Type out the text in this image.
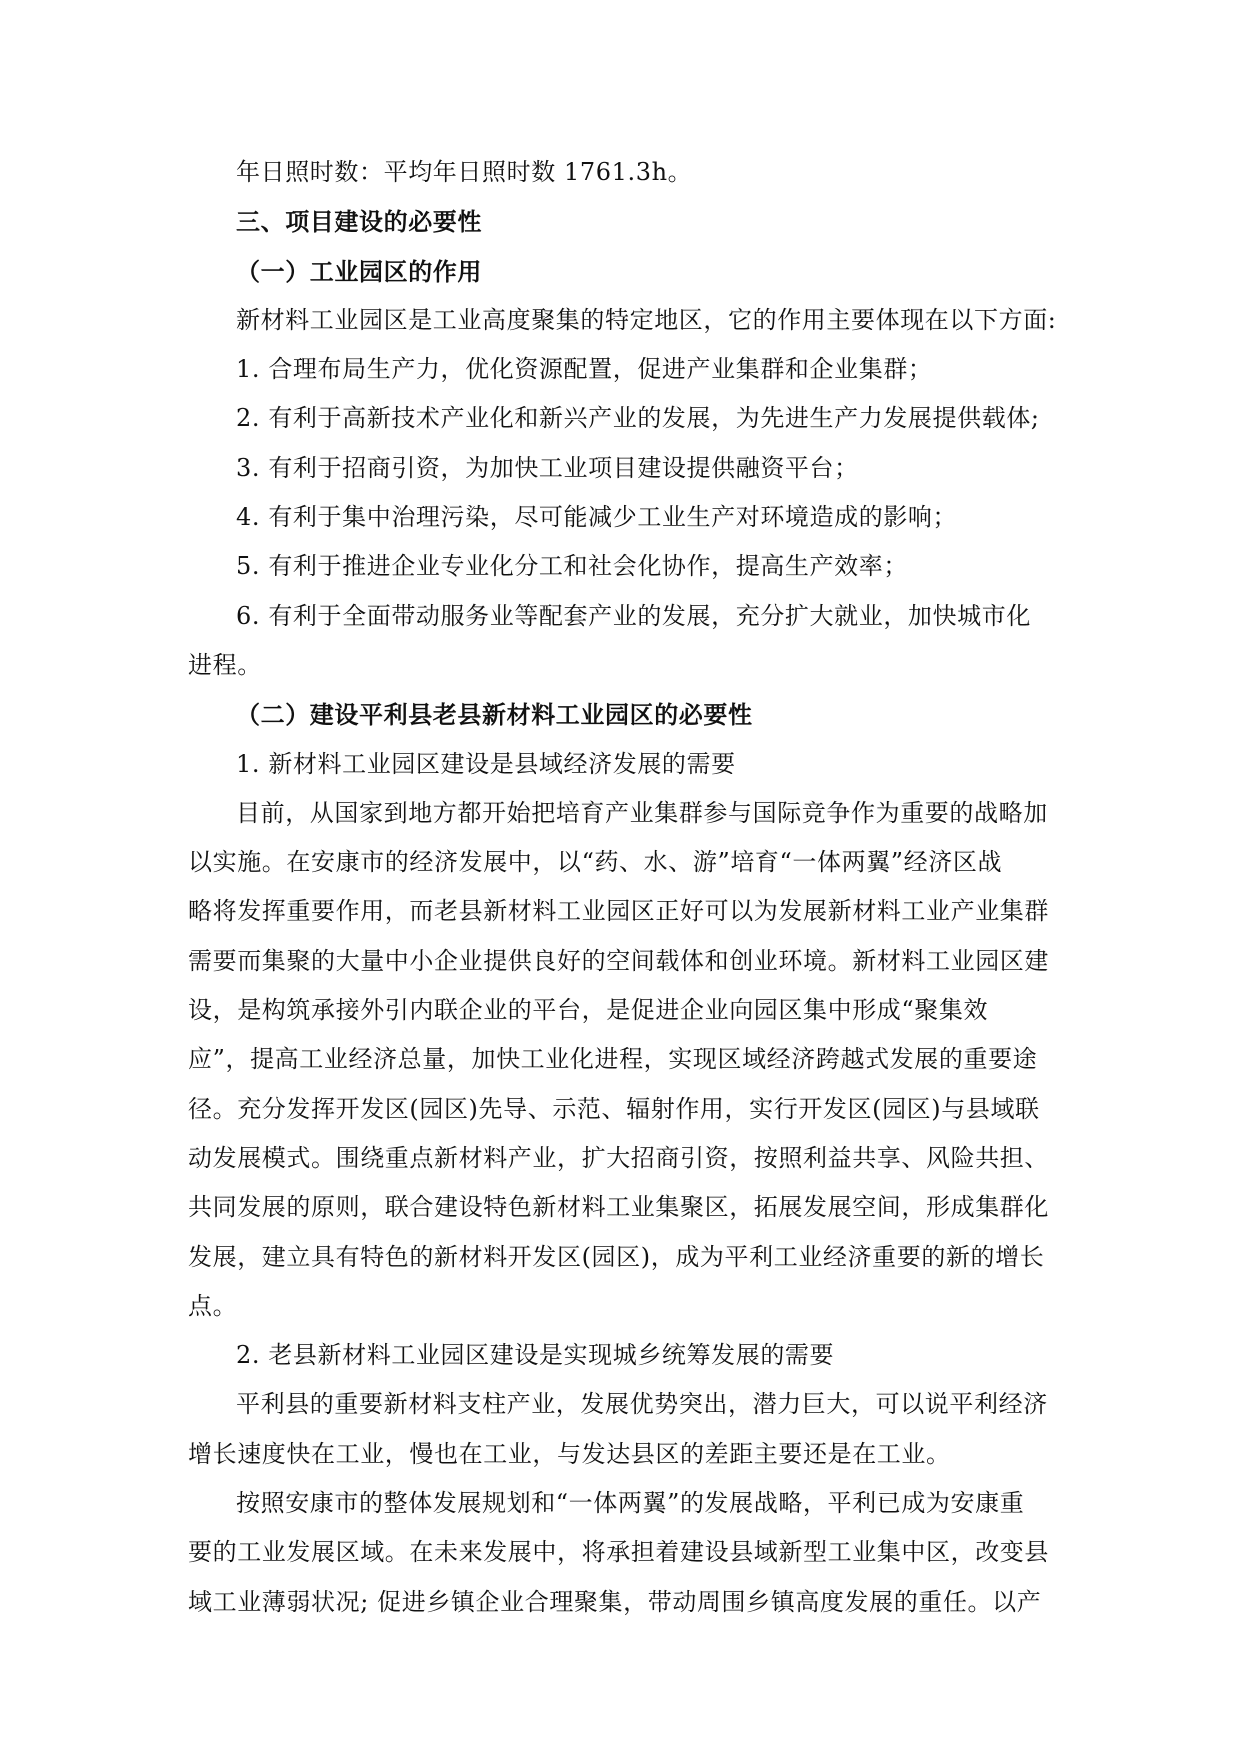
年日照时数：平均年日照时数 1761.3h。
三、项目建设的必要性
（一）工业园区的作用
新材料工业园区是工业高度聚集的特定地区，它的作用主要体现在以下方面:
1. 合理布局生产力，优化资源配置，促进产业集群和企业集群；
2. 有利于高新技术产业化和新兴产业的发展，为先进生产力发展提供载体;
3. 有利于招商引资，为加快工业项目建设提供融资平台；
4. 有利于集中治理污染，尽可能减少工业生产对环境造成的影响；
5. 有利于推进企业专业化分工和社会化协作，提高生产效率；
6. 有利于全面带动服务业等配套产业的发展，充分扩大就业，加快城市化
进程。
（二）建设平利县老县新材料工业园区的必要性
1. 新材料工业园区建设是县域经济发展的需要
目前，从国家到地方都开始把培育产业集群参与国际竞争作为重要的战略加
以实施。在安康市的经济发展中，以“药、水、游”培育“一体两翼”经济区战
略将发挥重要作用，而老县新材料工业园区正好可以为发展新材料工业产业集群
需要而集聚的大量中小企业提供良好的空间载体和创业环境。新材料工业园区建
设，是构筑承接外引内联企业的平台，是促进企业向园区集中形成“聚集效
应”，提高工业经济总量，加快工业化进程，实现区域经济跨越式发展的重要途
径。充分发挥开发区(园区)先导、示范、辐射作用，实行开发区(园区)与县域联
动发展模式。围绕重点新材料产业，扩大招商引资，按照利益共享、风险共担、
共同发展的原则，联合建设特色新材料工业集聚区，拓展发展空间，形成集群化
发展，建立具有特色的新材料开发区(园区)，成为平利工业经济重要的新的增长
点。
2. 老县新材料工业园区建设是实现城乡统筹发展的需要
平利县的重要新材料支柱产业，发展优势突出，潜力巨大，可以说平利经济
增长速度快在工业，慢也在工业，与发达县区的差距主要还是在工业。
按照安康市的整体发展规划和“一体两翼”的发展战略，平利已成为安康重
要的工业发展区域。在未来发展中，将承担着建设县域新型工业集中区，改变县
域工业薄弱状况; 促进乡镇企业合理聚集，带动周围乡镇高度发展的重任。以产
